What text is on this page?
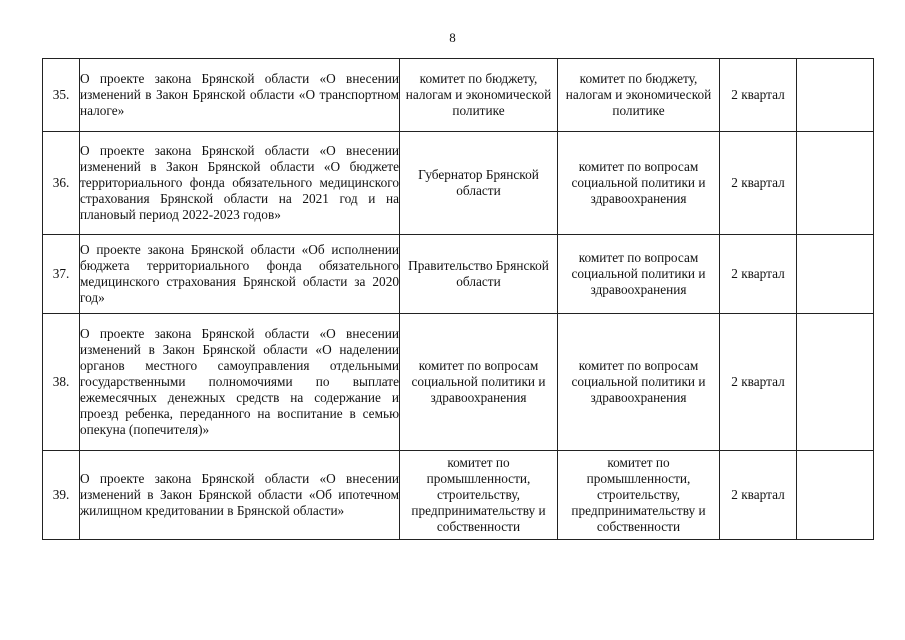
8
35.	О проекте закона Брянской области «О внесении изменений в Закон Брянской области «О транспортном налоге»	комитет по бюджету, налогам и экономической политике	комитет по бюджету, налогам и экономической политике	2 квартал	
36.	О проекте закона Брянской области «О внесении изменений в Закон Брянской области «О бюджете территориального фонда обязательного медицинского страхования Брянской области на 2021 год и на плановый период 2022-2023 годов»	Губернатор Брянской области	комитет по вопросам социальной политики и здравоохранения	2 квартал	
37.	О проекте закона Брянской области «Об исполнении бюджета территориального фонда обязательного медицинского страхования Брянской области за 2020 год»	Правительство Брянской области	комитет по вопросам социальной политики и здравоохранения	2 квартал	
38.	О проекте закона Брянской области «О внесении изменений в Закон Брянской области «О наделении органов местного самоуправления отдельными государственными полномочиями по выплате ежемесячных денежных средств на содержание и проезд ребенка, переданного на воспитание в семью опекуна (попечителя)»	комитет по вопросам социальной политики и здравоохранения	комитет по вопросам социальной политики и здравоохранения	2 квартал	
39.	О проекте закона Брянской области «О внесении изменений в Закон Брянской области «Об ипотечном жилищном кредитовании в Брянской области»	комитет по промышленности, строительству, предпринимательству и собственности	комитет по промышленности, строительству, предпринимательству и собственности	2 квартал	
